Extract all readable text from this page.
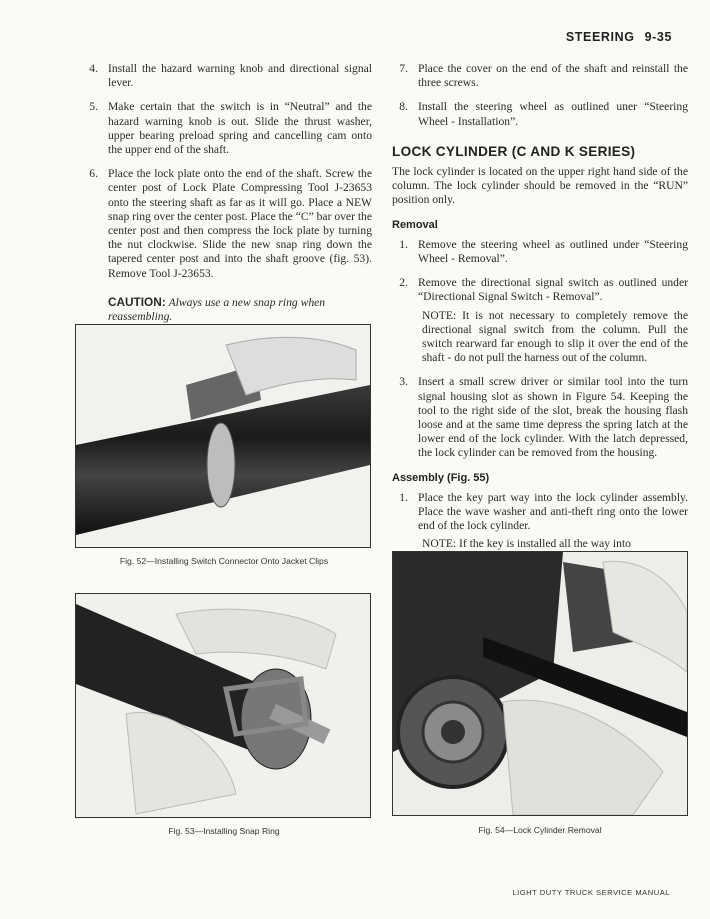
STEERING 9-35
4. Install the hazard warning knob and directional signal lever.
5. Make certain that the switch is in “Neutral” and the hazard warning knob is out. Slide the thrust washer, upper bearing preload spring and cancelling cam onto the upper end of the shaft.
6. Place the lock plate onto the end of the shaft. Screw the center post of Lock Plate Compressing Tool J-23653 onto the steering shaft as far as it will go. Place a NEW snap ring over the center post. Place the “C” bar over the center post and then compress the lock plate by turning the nut clockwise. Slide the new snap ring down the tapered center post and into the shaft groove (fig. 53). Remove Tool J-23653.
CAUTION: Always use a new snap ring when reassembling.
Fig. 52—Installing Switch Connector Onto Jacket Clips
Fig. 53—Installing Snap Ring
7. Place the cover on the end of the shaft and reinstall the three screws.
8. Install the steering wheel as outlined uner “Steering Wheel - Installation”.
LOCK CYLINDER (C AND K SERIES)
The lock cylinder is located on the upper right hand side of the column. The lock cylinder should be removed in the “RUN” position only.
Removal
1. Remove the steering wheel as outlined under “Steering Wheel - Removal”.
2. Remove the directional signal switch as outlined under “Directional Signal Switch - Removal”.
NOTE: It is not necessary to completely remove the directional signal switch from the column. Pull the switch rearward far enough to slip it over the end of the shaft - do not pull the harness out of the column.
3. Insert a small screw driver or similar tool into the turn signal housing slot as shown in Figure 54. Keeping the tool to the right side of the slot, break the housing flash loose and at the same time depress the spring latch at the lower end of the lock cylinder. With the latch depressed, the lock cylinder can be removed from the housing.
Assembly (Fig. 55)
1. Place the key part way into the lock cylinder assembly. Place the wave washer and anti-theft ring onto the lower end of the lock cylinder.
NOTE: If the key is installed all the way into
Fig. 54—Lock Cylinder Removal
LIGHT DUTY TRUCK SERVICE MANUAL
